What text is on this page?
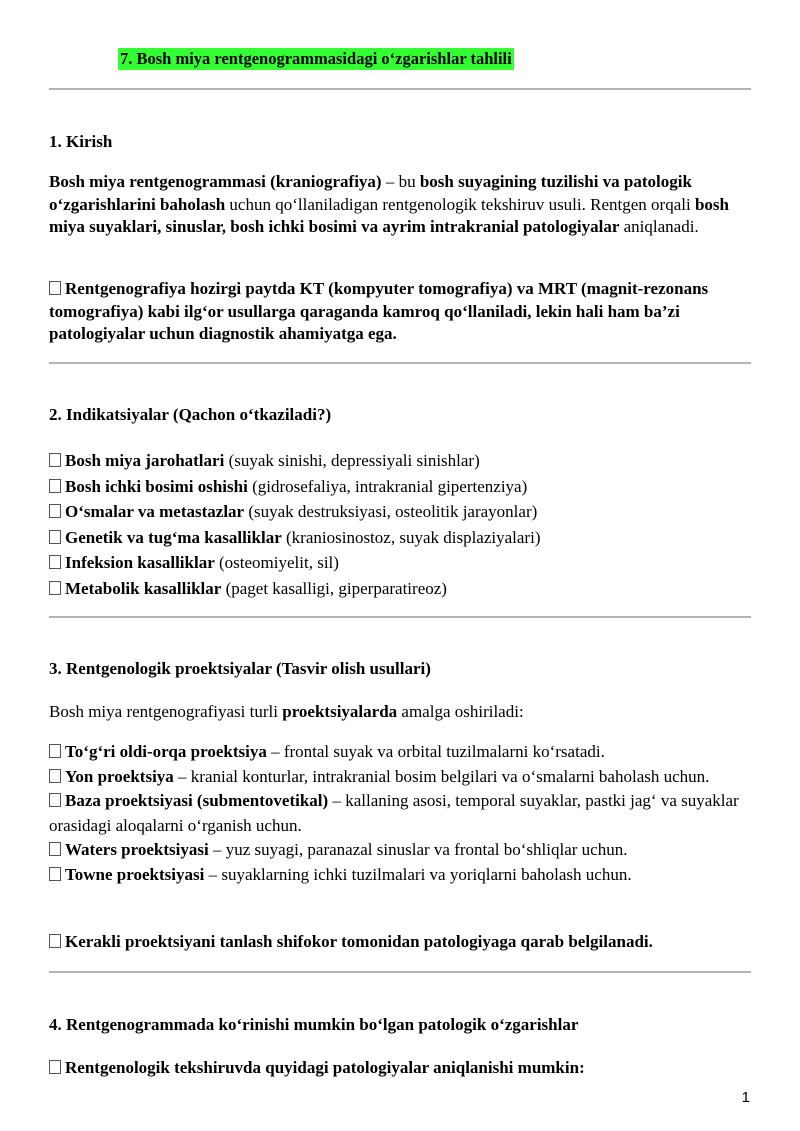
7. Bosh miya rentgenogrammasidagi o‘zgarishlar tahlili
1. Kirish
Bosh miya rentgenogrammasi (kraniografiya) – bu bosh suyagining tuzilishi va patologik o‘zgarishlarini baholash uchun qo‘llaniladigan rentgenologik tekshiruv usuli. Rentgen orqali bosh miya suyaklari, sinuslar, bosh ichki bosimi va ayrim intrakranial patologiyalar aniqlanadi.
Rentgenografiya hozirgi paytda KT (kompyuter tomografiya) va MRT (magnit-rezonans tomografiya) kabi ilg‘or usullarga qaraganda kamroq qo‘llaniladi, lekin hali ham ba’zi patologiyalar uchun diagnostik ahamiyatga ega.
2. Indikatsiyalar (Qachon o‘tkaziladi?)
Bosh miya jarohatlari (suyak sinishi, depressiyali sinishlar)
Bosh ichki bosimi oshishi (gidrosefaliya, intrakranial gipertenziya)
O‘smalar va metastazlar (suyak destruksiyasi, osteolitik jarayonlar)
Genetik va tug‘ma kasalliklar (kraniosinostoz, suyak displaziyalari)
Infeksion kasalliklar (osteomiyelit, sil)
Metabolik kasalliklar (paget kasalligi, giperparatireoz)
3. Rentgenologik proektsiyalar (Tasvir olish usullari)
Bosh miya rentgenografiyasi turli proektsiyalarda amalga oshiriladi:
To‘g‘ri oldi-orqa proektsiya – frontal suyak va orbital tuzilmalarni ko‘rsatadi.
Yon proektsiya – kranial konturlar, intrakranial bosim belgilari va o‘smalarni baholash uchun.
Baza proektsiyasi (submentovetikal) – kallaning asosi, temporal suyaklar, pastki jag‘ va suyaklar orasidagi aloqalarni o‘rganish uchun.
Waters proektsiyasi – yuz suyagi, paranazal sinuslar va frontal bo‘shliqlar uchun.
Towne proektsiyasi – suyaklarning ichki tuzilmalari va yoriqlarni baholash uchun.
Kerakli proektsiyani tanlash shifokor tomonidan patologiyaga qarab belgilanadi.
4. Rentgenogrammada ko‘rinishi mumkin bo‘lgan patologik o‘zgarishlar
Rentgenologik tekshiruvda quyidagi patologiyalar aniqlanishi mumkin:
1
